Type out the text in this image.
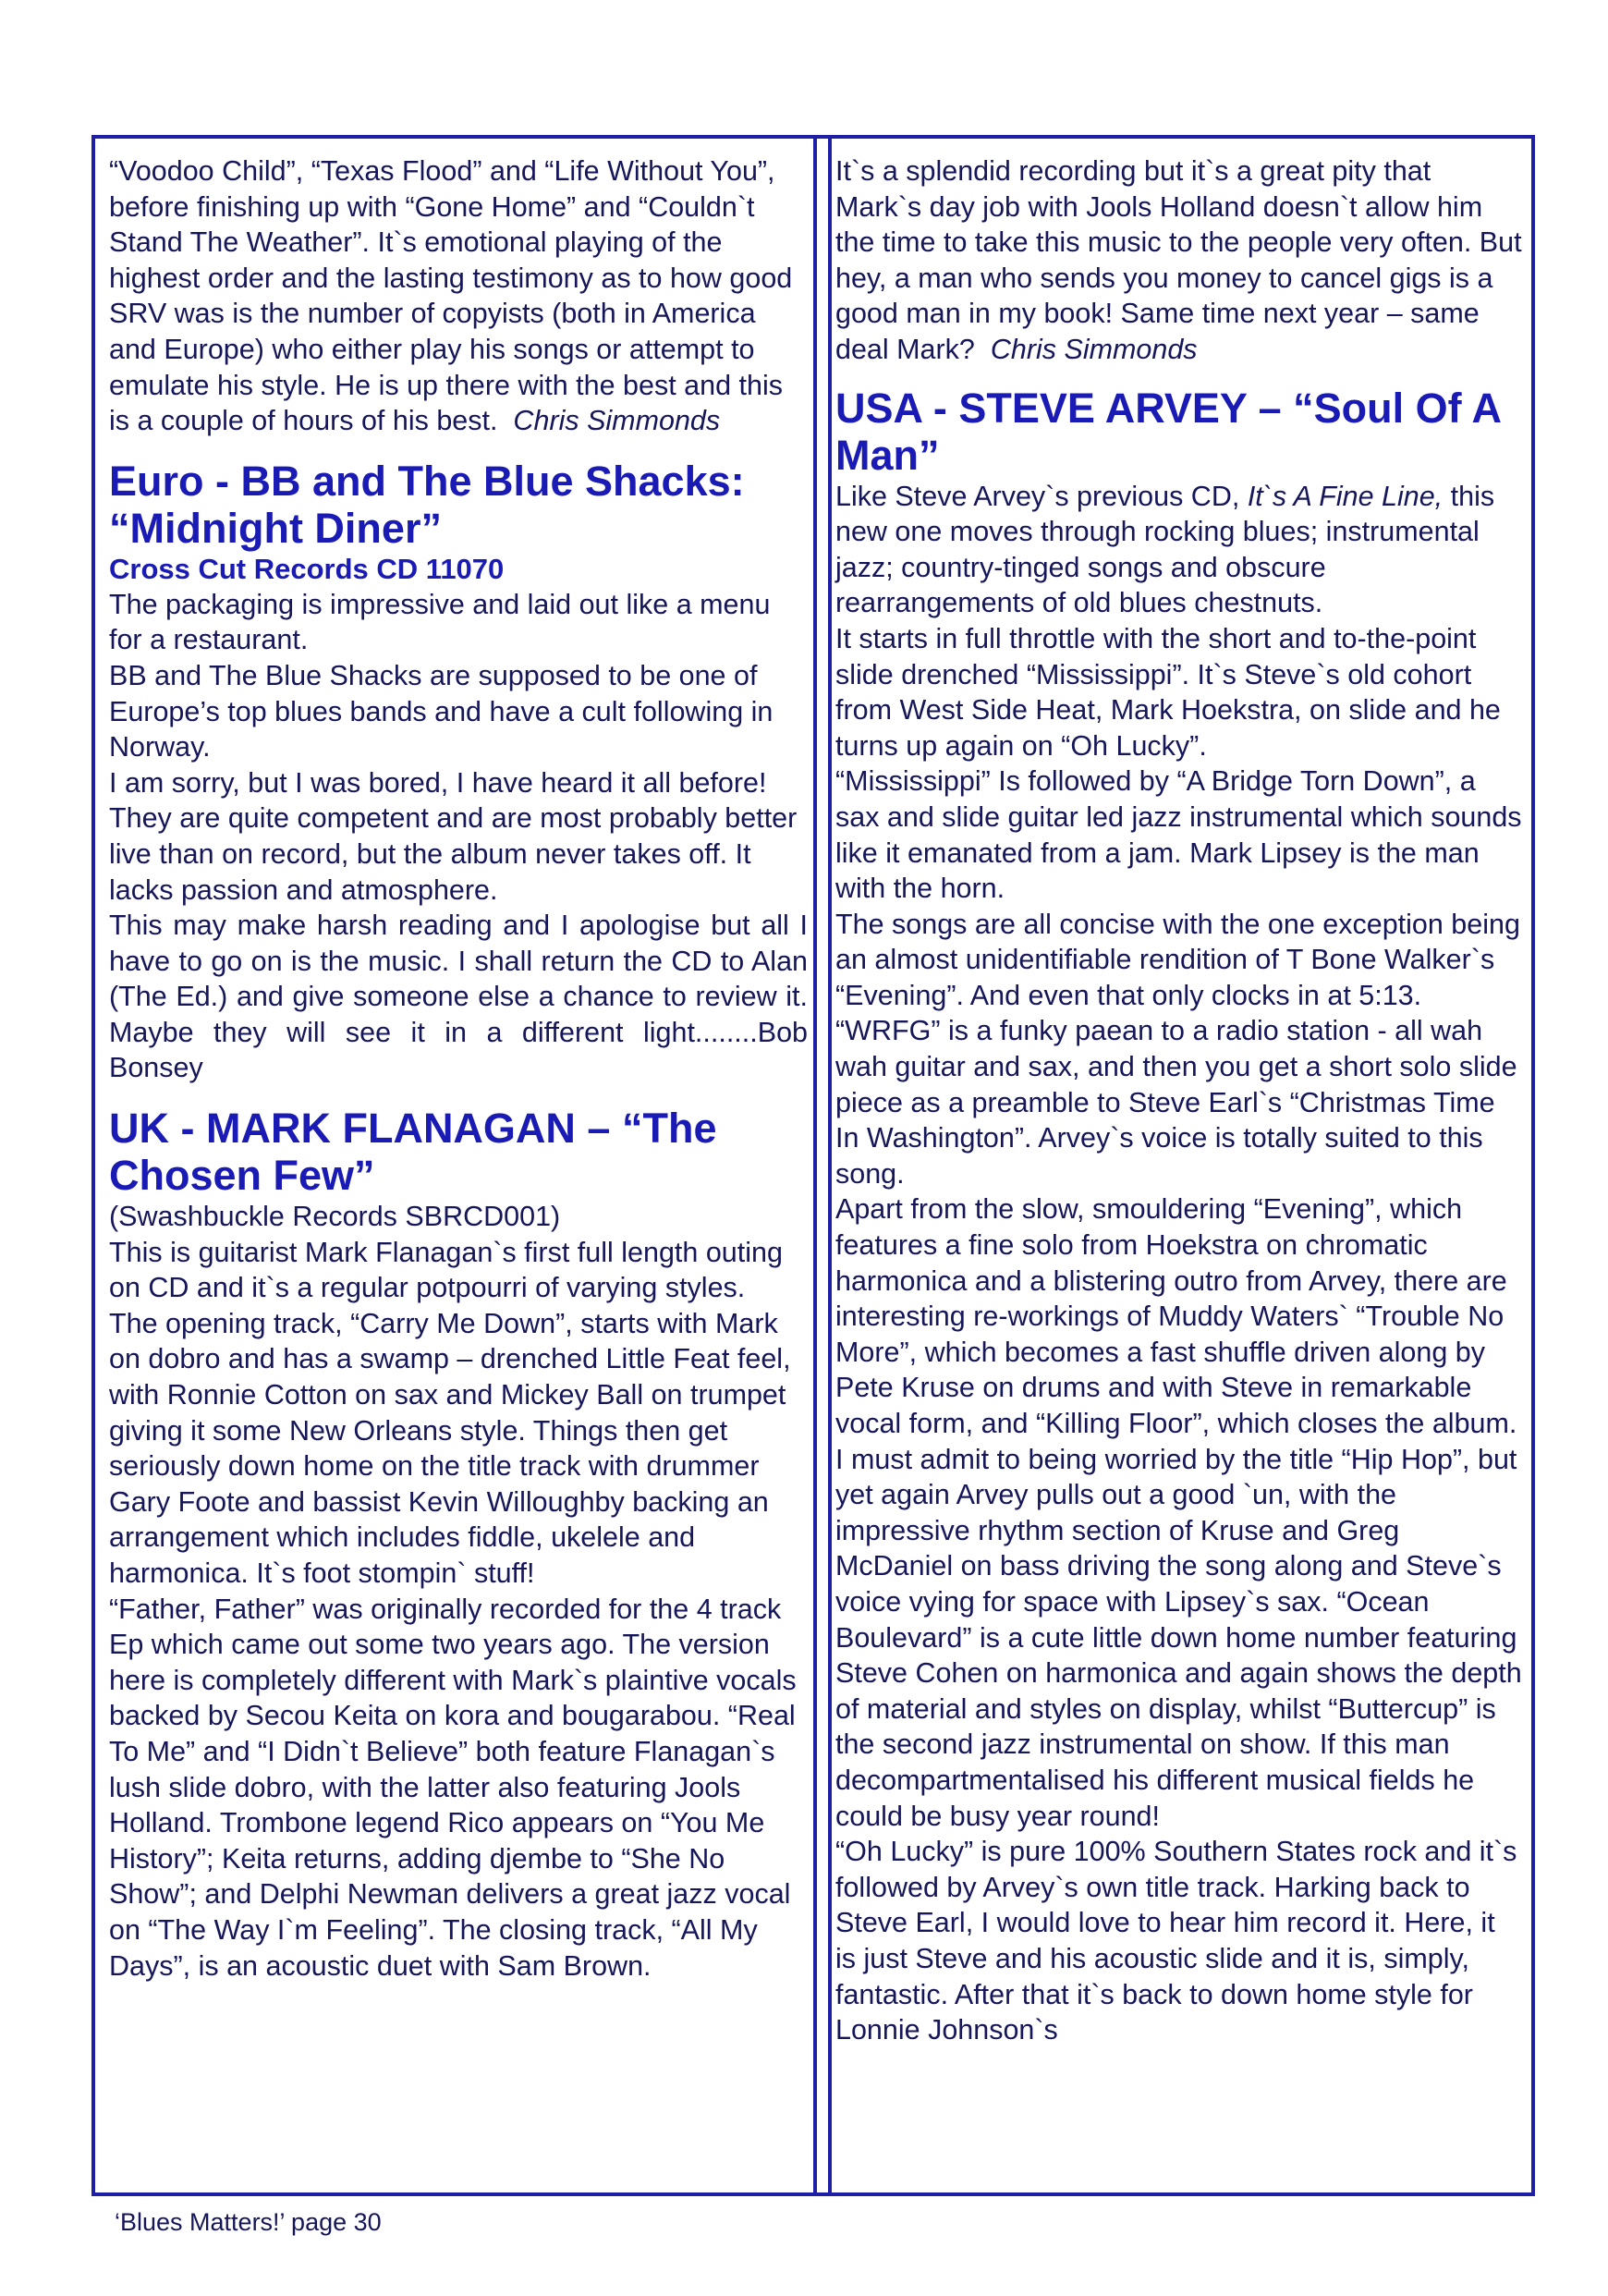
“Voodoo Child”, “Texas Flood” and “Life Without You”, before finishing up with “Gone Home” and “Couldn`t Stand The Weather”. It`s emotional playing of the highest order and the lasting testimony as to how good SRV was is the number of copyists (both in America and Europe) who either play his songs or attempt to emulate his style. He is up there with the best and this is a couple of hours of his best. Chris Simmonds

Euro - BB and The Blue Shacks: “Midnight Diner”

Cross Cut Records CD 11070

The packaging is impressive and laid out like a menu for a restaurant.

BB and The Blue Shacks are supposed to be one of Europe’s top blues bands and have a cult following in Norway.

I am sorry, but I was bored, I have heard it all before! They are quite competent and are most probably better live than on record, but the album never takes off. It lacks passion and atmosphere.

This may make harsh reading and I apologise but all I have to go on is the music. I shall return the CD to Alan (The Ed.) and give someone else a chance to review it. Maybe they will see it in a different light........Bob Bonsey

UK - MARK FLANAGAN – “The Chosen Few”

(Swashbuckle Records SBRCD001)

This is guitarist Mark Flanagan`s first full length outing on CD and it`s a regular potpourri of varying styles.

The opening track, “Carry Me Down”, starts with Mark on dobro and has a swamp – drenched Little Feat feel, with Ronnie Cotton on sax and Mickey Ball on trumpet giving it some New Orleans style. Things then get seriously down home on the title track with drummer Gary Foote and bassist Kevin Willoughby backing an arrangement which includes fiddle, ukelele and harmonica. It`s foot stompin` stuff!

“Father, Father” was originally recorded for the 4 track Ep which came out some two years ago. The version here is completely different with Mark`s plaintive vocals backed by Secou Keita on kora and bougarabou. “Real To Me” and “I Didn`t Believe” both feature Flanagan`s lush slide dobro, with the latter also featuring Jools Holland. Trombone legend Rico appears on “You Me History”; Keita returns, adding djembe to “She No Show”; and Delphi Newman delivers a great jazz vocal on “The Way I`m Feeling”. The closing track, “All My Days”, is an acoustic duet with Sam Brown.

It`s a splendid recording but it`s a great pity that Mark`s day job with Jools Holland doesn`t allow him the time to take this music to the people very often. But hey, a man who sends you money to cancel gigs is a good man in my book! Same time next year – same deal Mark? Chris Simmonds

USA - STEVE ARVEY – “Soul Of A Man”

Like Steve Arvey`s previous CD, It`s A Fine Line, this new one moves through rocking blues; instrumental jazz; country-tinged songs and obscure rearrangements of old blues chestnuts.

It starts in full throttle with the short and to-the-point slide drenched “Mississippi”. It`s Steve`s old cohort from West Side Heat, Mark Hoekstra, on slide and he turns up again on “Oh Lucky”.

“Mississippi” Is followed by “A Bridge Torn Down”, a sax and slide guitar led jazz instrumental which sounds like it emanated from a jam. Mark Lipsey is the man with the horn.

The songs are all concise with the one exception being an almost unidentifiable rendition of T Bone Walker`s “Evening”. And even that only clocks in at 5:13.

“WRFG” is a funky paean to a radio station - all wah wah guitar and sax, and then you get a short solo slide piece as a preamble to Steve Earl`s “Christmas Time In Washington”. Arvey`s voice is totally suited to this song.

Apart from the slow, smouldering “Evening”, which features a fine solo from Hoekstra on chromatic harmonica and a blistering outro from Arvey, there are interesting re-workings of Muddy Waters` “Trouble No More”, which becomes a fast shuffle driven along by Pete Kruse on drums and with Steve in remarkable vocal form, and “Killing Floor”, which closes the album.

I must admit to being worried by the title “Hip Hop”, but yet again Arvey pulls out a good `un, with the impressive rhythm section of Kruse and Greg McDaniel on bass driving the song along and Steve`s voice vying for space with Lipsey`s sax. “Ocean Boulevard” is a cute little down home number featuring Steve Cohen on harmonica and again shows the depth of material and styles on display, whilst “Buttercup” is the second jazz instrumental on show. If this man decompartmentalised his different musical fields he could be busy year round!

“Oh Lucky” is pure 100% Southern States rock and it`s followed by Arvey`s own title track. Harking back to Steve Earl, I would love to hear him record it. Here, it is just Steve and his acoustic slide and it is, simply, fantastic. After that it`s back to down home style for Lonnie Johnson`s

‘Blues Matters!’ page 30
